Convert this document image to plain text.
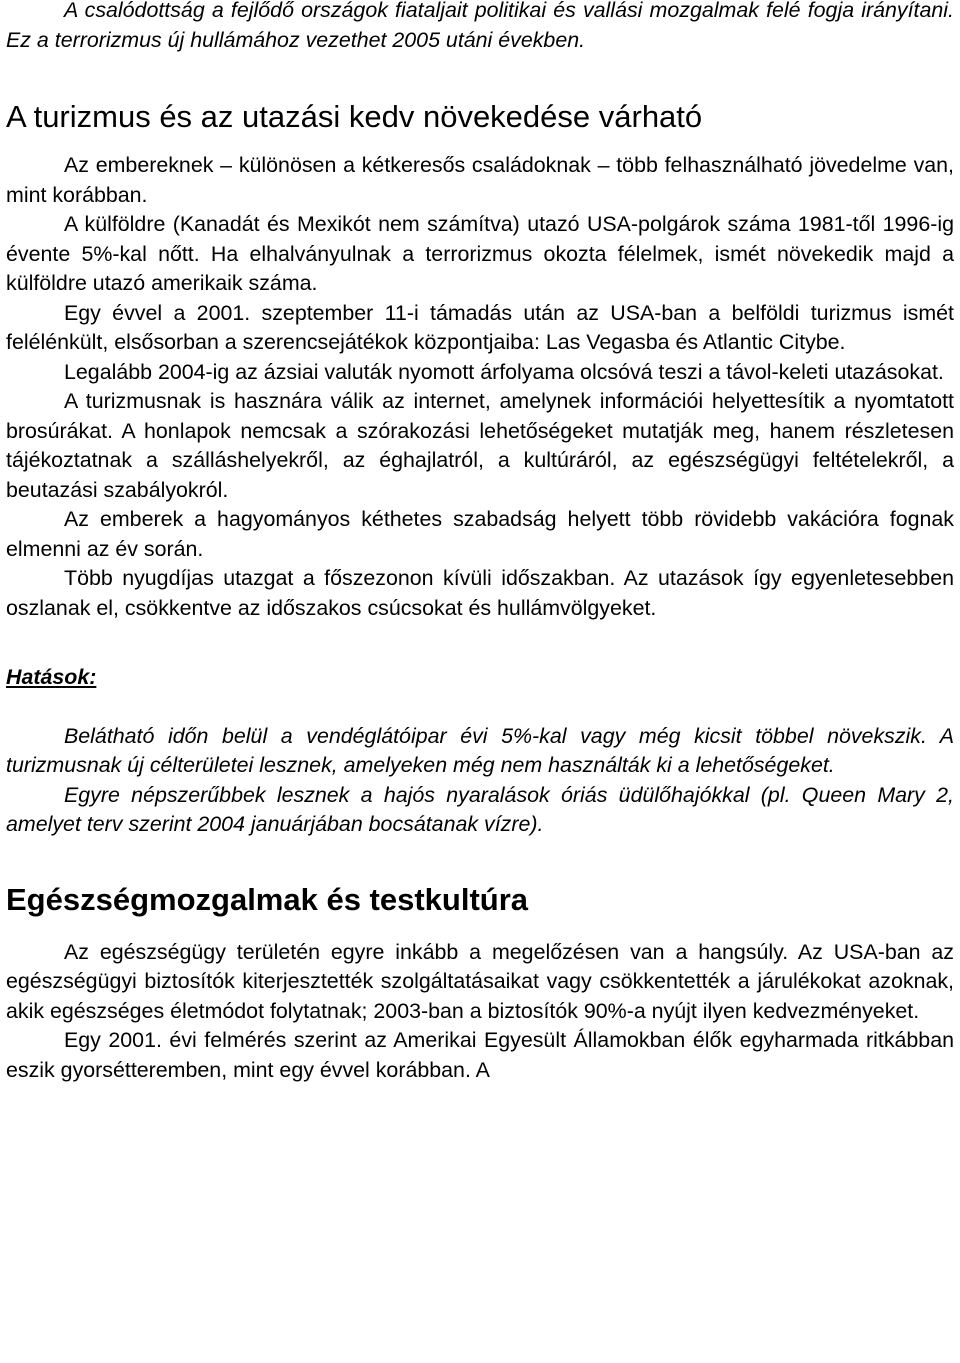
A csalódottság a fejlődő országok fiataljait politikai és vallási mozgalmak felé fogja irányítani. Ez a terrorizmus új hullámához vezethet 2005 utáni években.

A turizmus és az utazási kedv növekedése várható

Az embereknek – különösen a kétkeresős családoknak – több felhasználható jövedelme van, mint korábban.

A külföldre (Kanadát és Mexikót nem számítva) utazó USA-polgárok száma 1981-től 1996-ig évente 5%-kal nőtt. Ha elhalványulnak a terrorizmus okozta félelmek, ismét növekedik majd a külföldre utazó amerikaik száma.

Egy évvel a 2001. szeptember 11-i támadás után az USA-ban a belföldi turizmus ismét felélénkült, elsősorban a szerencsejátékok központjaiba: Las Vegasba és Atlantic Citybe.

Legalább 2004-ig az ázsiai valuták nyomott árfolyama olcsóvá teszi a távol-keleti utazásokat.

A turizmusnak is hasznára válik az internet, amelynek információi helyettesítik a nyomtatott brosúrákat. A honlapok nemcsak a szórakozási lehetőségeket mutatják meg, hanem részletesen tájékoztatnak a szálláshelyekről, az éghajlatról, a kultúráról, az egészségügyi feltételekről, a beutazási szabályokról.

Az emberek a hagyományos kéthetes szabadság helyett több rövidebb vakációra fognak elmenni az év során.

Több nyugdíjas utazgat a főszezonon kívüli időszakban. Az utazások így egyenletesebben oszlanak el, csökkentve az időszakos csúcsokat és hullámvölgyeket.

Hatások:

Belátható időn belül a vendéglátóipar évi 5%-kal vagy még kicsit többel növekszik. A turizmusnak új célterületei lesznek, amelyeken még nem használták ki a lehetőségeket.

Egyre népszerűbbek lesznek a hajós nyaralások óriás üdülőhajókkal (pl. Queen Mary 2, amelyet terv szerint 2004 januárjában bocsátanak vízre).

Egészségmozgalmak és testkultúra

Az egészségügy területén egyre inkább a megelőzésen van a hangsúly. Az USA-ban az egészségügyi biztosítók kiterjesztették szolgáltatásaikat vagy csökkentették a járulékokat azoknak, akik egészséges életmódot folytatnak; 2003-ban a biztosítók 90%-a nyújt ilyen kedvezményeket.

Egy 2001. évi felmérés szerint az Amerikai Egyesült Államokban élők egyharmada ritkábban eszik gyorsétteremben, mint egy évvel korábban. A
